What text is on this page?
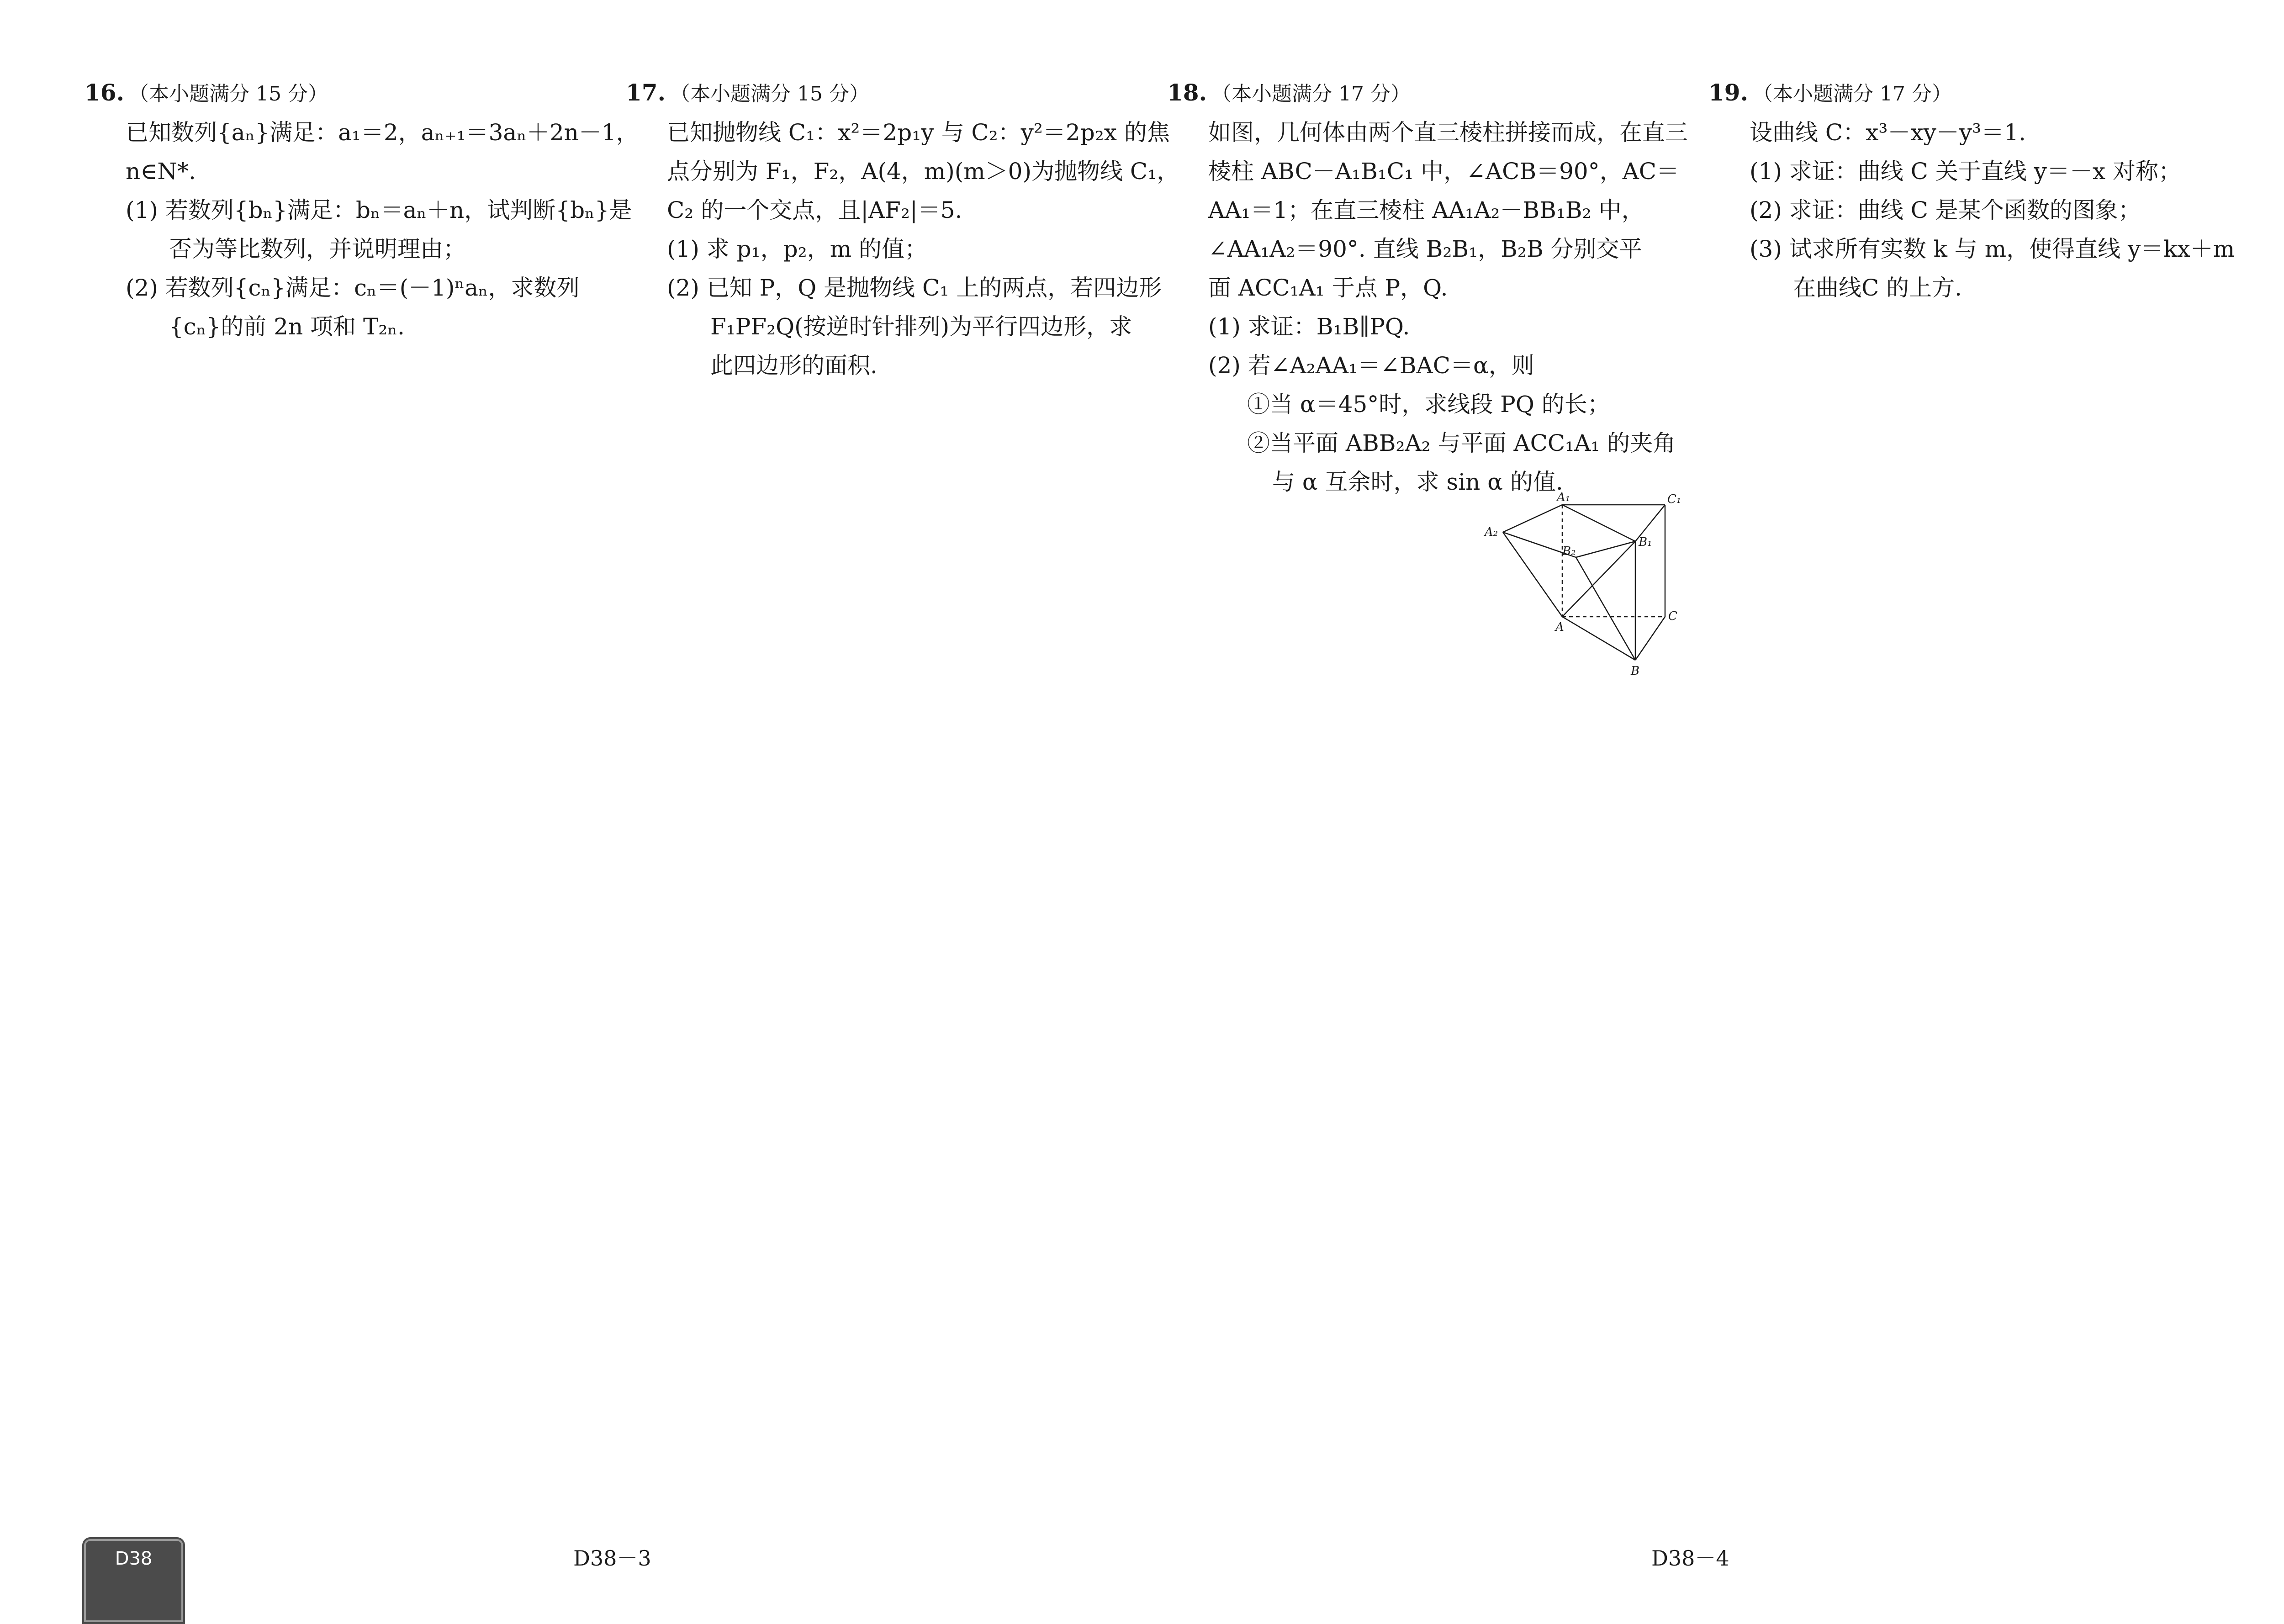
16. （本小题满分 15 分）

已知数列{aₙ}满足：a₁＝2，aₙ₊₁＝3aₙ＋2n－1，

n∈N*.

(1) 若数列{bₙ}满足：bₙ＝aₙ＋n，试判断{bₙ}是

否为等比数列，并说明理由；

(2) 若数列{cₙ}满足：cₙ＝(－1)ⁿaₙ，求数列

{cₙ}的前 2n 项和 T₂ₙ.

17. （本小题满分 15 分）

已知抛物线 C₁：x²＝2p₁y 与 C₂：y²＝2p₂x 的焦

点分别为 F₁，F₂，A(4，m)(m＞0)为抛物线 C₁，

C₂ 的一个交点，且|AF₂|＝5.

(1) 求 p₁，p₂，m 的值；

(2) 已知 P，Q 是抛物线 C₁ 上的两点，若四边形

F₁PF₂Q(按逆时针排列)为平行四边形，求

此四边形的面积.

18. （本小题满分 17 分）

如图，几何体由两个直三棱柱拼接而成，在直三

棱柱 ABC－A₁B₁C₁ 中，∠ACB＝90°，AC＝

AA₁＝1；在直三棱柱 AA₁A₂－BB₁B₂ 中，

∠AA₁A₂＝90°. 直线 B₂B₁，B₂B 分别交平

面 ACC₁A₁ 于点 P，Q.

(1) 求证：B₁B∥PQ.

(2) 若∠A₂AA₁＝∠BAC＝α，则

①当 α＝45°时，求线段 PQ 的长；

②当平面 ABB₂A₂ 与平面 ACC₁A₁ 的夹角

与 α 互余时，求 sin α 的值.

A₁	C₁
A₂
B₁
B₂
A
C
B

19. （本小题满分 17 分）

设曲线 C：x³－xy－y³＝1.

(1) 求证：曲线 C 关于直线 y＝－x 对称；

(2) 求证：曲线 C 是某个函数的图象；

(3) 试求所有实数 k 与 m，使得直线 y＝kx＋m

在曲线C 的上方.

D38	D38－3	D38－4
